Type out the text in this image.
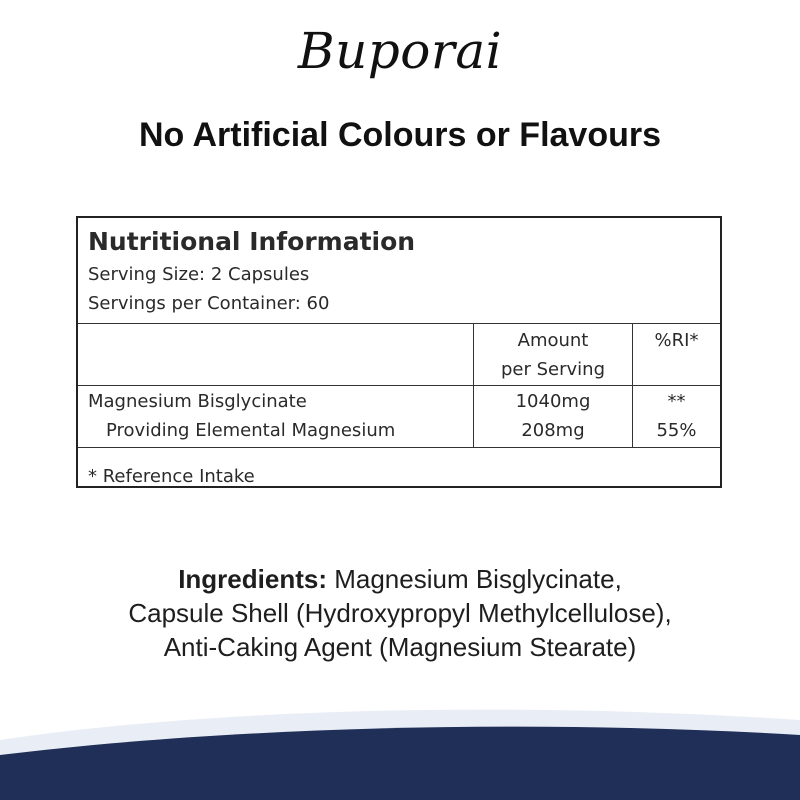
Buporai
No Artificial Colours or Flavours
Nutritional Information
Serving Size: 2 Capsules
Servings per Container: 60
Amount
per Serving
%RI*
Magnesium Bisglycinate
Providing Elemental Magnesium
1040mg
208mg
**
55%
* Reference Intake
Ingredients: Magnesium Bisglycinate,
Capsule Shell (Hydroxypropyl Methylcellulose),
Anti-Caking Agent (Magnesium Stearate)
